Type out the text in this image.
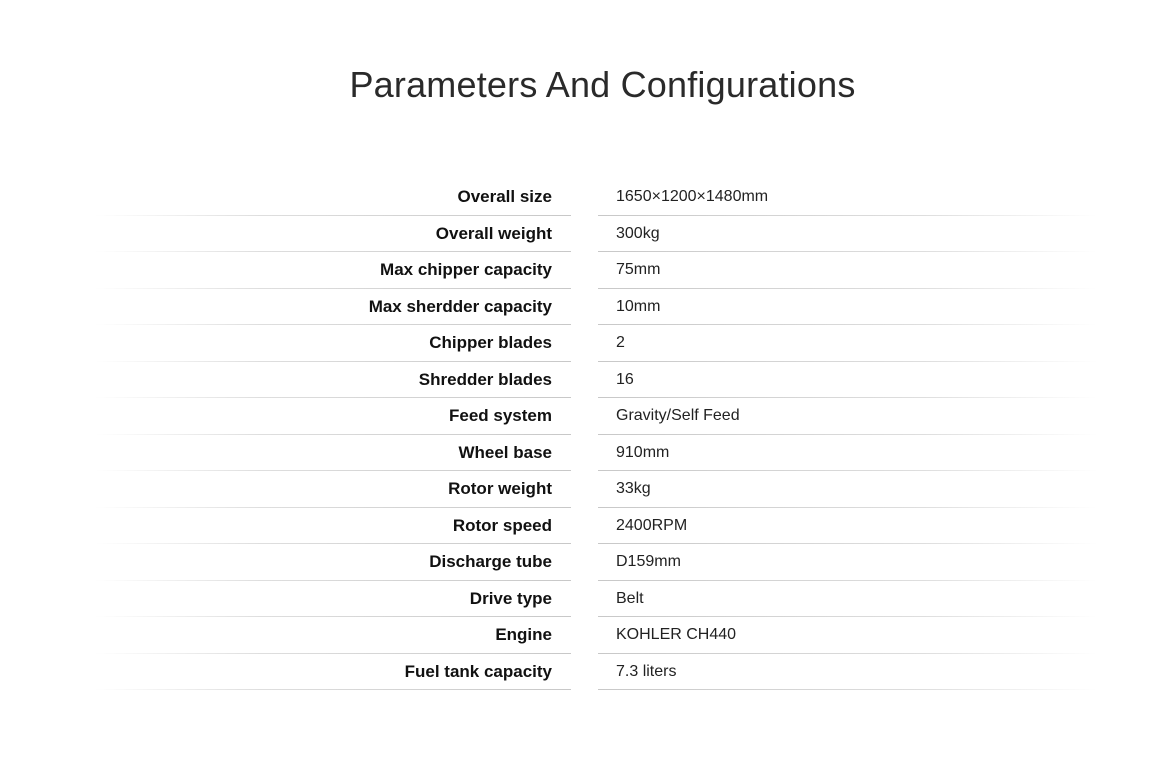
Parameters And Configurations
Overall size	1650×1200×1480mm
Overall weight	300kg
Max chipper capacity	75mm
Max sherdder capacity	10mm
Chipper blades	2
Shredder blades	16
Feed system	Gravity/Self Feed
Wheel base	910mm
Rotor weight	33kg
Rotor speed	2400RPM
Discharge tube	D159mm
Drive type	Belt
Engine	KOHLER CH440
Fuel tank capacity	7.3 liters
